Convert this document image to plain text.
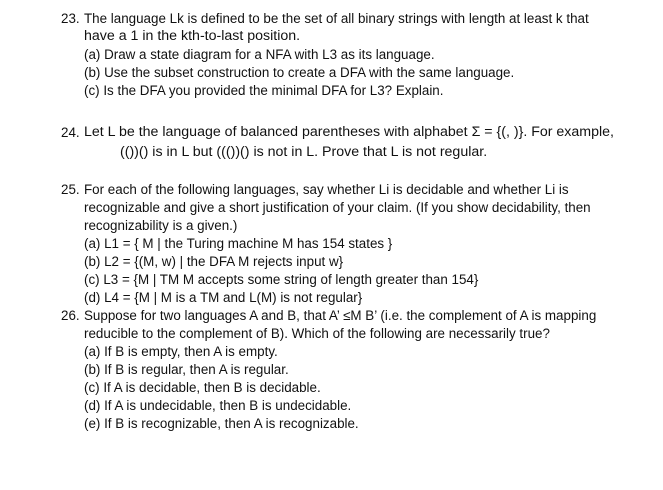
23. The language Lk is defined to be the set of all binary strings with length at least k that
have a 1 in the kth-to-last position.
(a) Draw a state diagram for a NFA with L3 as its language.
(b) Use the subset construction to create a DFA with the same language.
(c) Is the DFA you provided the minimal DFA for L3? Explain.
24. Let L be the language of balanced parentheses with alphabet Σ = {(, )}. For example,
(())() is in L but ((())() is not in L. Prove that L is not regular.
25. For each of the following languages, say whether Li is decidable and whether Li is
recognizable and give a short justification of your claim. (If you show decidability, then
recognizability is a given.)
(a) L1 = { M | the Turing machine M has 154 states }
(b) L2 = {(M, w) | the DFA M rejects input w}
(c) L3 = {M | TM M accepts some string of length greater than 154}
(d) L4 = {M | M is a TM and L(M) is not regular}
26. Suppose for two languages A and B, that A’ ≤M B’ (i.e. the complement of A is mapping
reducible to the complement of B). Which of the following are necessarily true?
(a) If B is empty, then A is empty.
(b) If B is regular, then A is regular.
(c) If A is decidable, then B is decidable.
(d) If A is undecidable, then B is undecidable.
(e) If B is recognizable, then A is recognizable.
